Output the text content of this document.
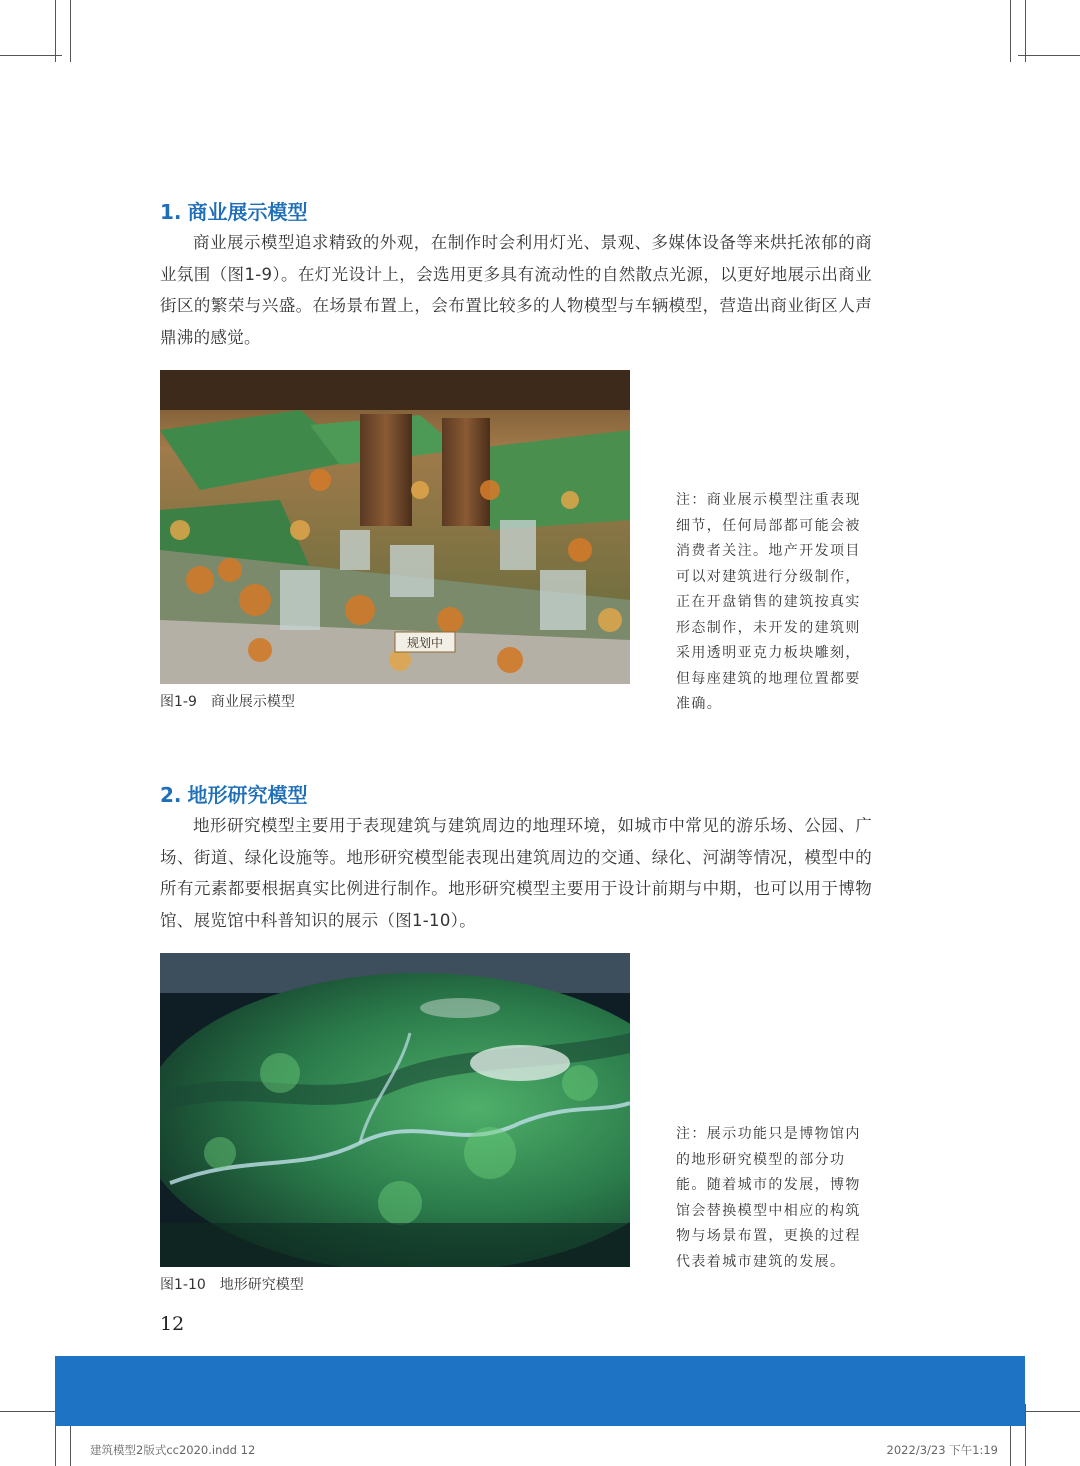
1. 商业展示模型

商业展示模型追求精致的外观，在制作时会利用灯光、景观、多媒体设备等来烘托浓郁的商业氛围（图1-9）。在灯光设计上，会选用更多具有流动性的自然散点光源，以更好地展示出商业街区的繁荣与兴盛。在场景布置上，会布置比较多的人物模型与车辆模型，营造出商业街区人声鼎沸的感觉。

规划中

图1-9　商业展示模型

注：商业展示模型注重表现细节，任何局部都可能会被消费者关注。地产开发项目可以对建筑进行分级制作，正在开盘销售的建筑按真实形态制作，未开发的建筑则采用透明亚克力板块雕刻，但每座建筑的地理位置都要准确。

2. 地形研究模型

地形研究模型主要用于表现建筑与建筑周边的地理环境，如城市中常见的游乐场、公园、广场、街道、绿化设施等。地形研究模型能表现出建筑周边的交通、绿化、河湖等情况，模型中的所有元素都要根据真实比例进行制作。地形研究模型主要用于设计前期与中期，也可以用于博物馆、展览馆中科普知识的展示（图1-10）。

图1-10　地形研究模型

注：展示功能只是博物馆内的地形研究模型的部分功能。随着城市的发展，博物馆会替换模型中相应的构筑物与场景布置，更换的过程代表着城市建筑的发展。

12

建筑模型2版式cc2020.indd 12	2022/3/23 下午1:19
